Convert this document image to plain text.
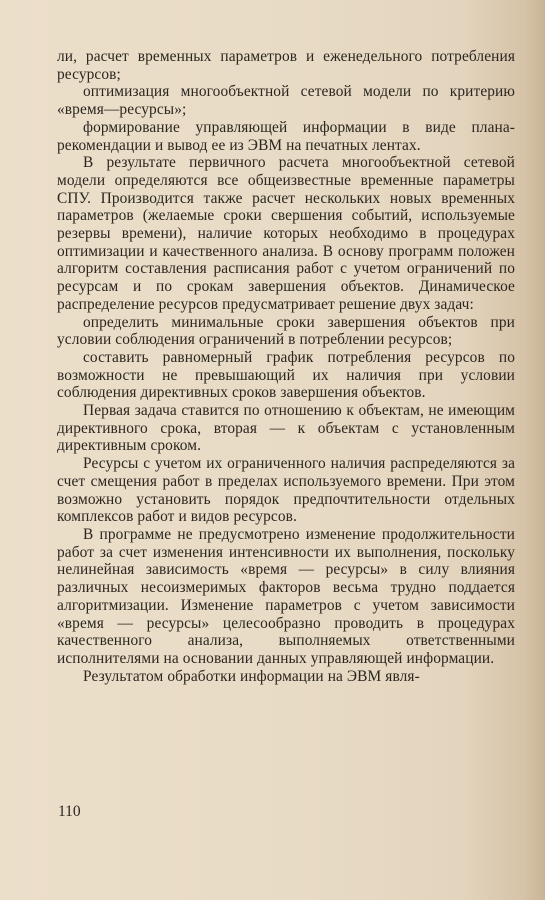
ли, расчет временных параметров и еженедельного потребления ресурсов;

оптимизация многообъектной сетевой модели по критерию «время—ресурсы»;

формирование управляющей информации в виде плана-рекомендации и вывод ее из ЭВМ на печатных лентах.

В результате первичного расчета многообъектной сетевой модели определяются все общеизвестные временные параметры СПУ. Производится также расчет нескольких новых временных параметров (желаемые сроки свершения событий, используемые резервы времени), наличие которых необходимо в процедурах оптимизации и качественного анализа. В основу программ положен алгоритм составления расписания работ с учетом ограничений по ресурсам и по срокам завершения объектов. Динамическое распределение ресурсов предусматривает решение двух задач:

определить минимальные сроки завершения объектов при условии соблюдения ограничений в потреблении ресурсов;

составить равномерный график потребления ресурсов по возможности не превышающий их наличия при условии соблюдения директивных сроков завершения объектов.

Первая задача ставится по отношению к объектам, не имеющим директивного срока, вторая — к объектам с установленным директивным сроком.

Ресурсы с учетом их ограниченного наличия распределяются за счет смещения работ в пределах используемого времени. При этом возможно установить порядок предпочтительности отдельных комплексов работ и видов ресурсов.

В программе не предусмотрено изменение продолжительности работ за счет изменения интенсивности их выполнения, поскольку нелинейная зависимость «время — ресурсы» в силу влияния различных несоизмеримых факторов весьма трудно поддается алгоритмизации. Изменение параметров с учетом зависимости «время — ресурсы» целесообразно проводить в процедурах качественного анализа, выполняемых ответственными исполнителями на основании данных управляющей информации.

Результатом обработки информации на ЭВМ явля-

110
